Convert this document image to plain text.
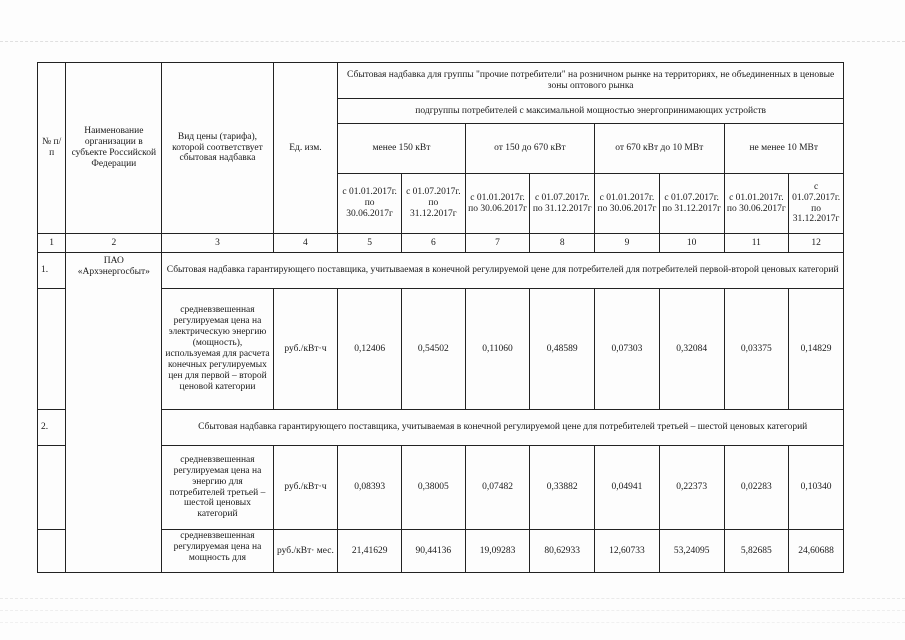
№ п/п	Наименование организации в субъекте Российской Федерации	Вид цены (тарифа), которой соответствует сбытовая надбавка	Ед. изм.	Сбытовая надбавка для группы "прочие потребители" на розничном рынке на территориях, не объединенных в ценовые зоны оптового рынка							
				подгруппы потребителей с максимальной мощностью энергопринимающих устройств							
				менее 150 кВт		от 150 до 670 кВт		от 670 кВт до 10 МВт		не менее 10 МВт	
				с 01.01.2017г. по 30.06.2017г	с 01.07.2017г. по 31.12.2017г	с 01.01.2017г. по 30.06.2017г	с 01.07.2017г. по 31.12.2017г	с 01.01.2017г. по 30.06.2017г	с 01.07.2017г. по 31.12.2017г	с 01.01.2017г. по 30.06.2017г	с 01.07.2017г. по 31.12.2017г
1	2	3	4	5	6	7	8	9	10	11	12
1.	ПАО «Архэнергосбыт»	Сбытовая надбавка гарантирующего поставщика, учитываемая в конечной регулируемой цене для потребителей для потребителей первой-второй ценовых категорий									
		средневзвешенная регулируемая цена на электрическую энергию (мощность), используемая для расчета конечных регулируемых цен для первой – второй ценовой категории	руб./кВт·ч	0,12406	0,54502	0,11060	0,48589	0,07303	0,32084	0,03375	0,14829
2.		Сбытовая надбавка гарантирующего поставщика, учитываемая в конечной регулируемой цене для потребителей третьей – шестой ценовых категорий									
		средневзвешенная регулируемая цена на энергию для потребителей третьей – шестой ценовых категорий	руб./кВт·ч	0,08393	0,38005	0,07482	0,33882	0,04941	0,22373	0,02283	0,10340
		средневзвешенная регулируемая цена на мощность для	руб./кВт· мес.	21,41629	90,44136	19,09283	80,62933	12,60733	53,24095	5,82685	24,60688
